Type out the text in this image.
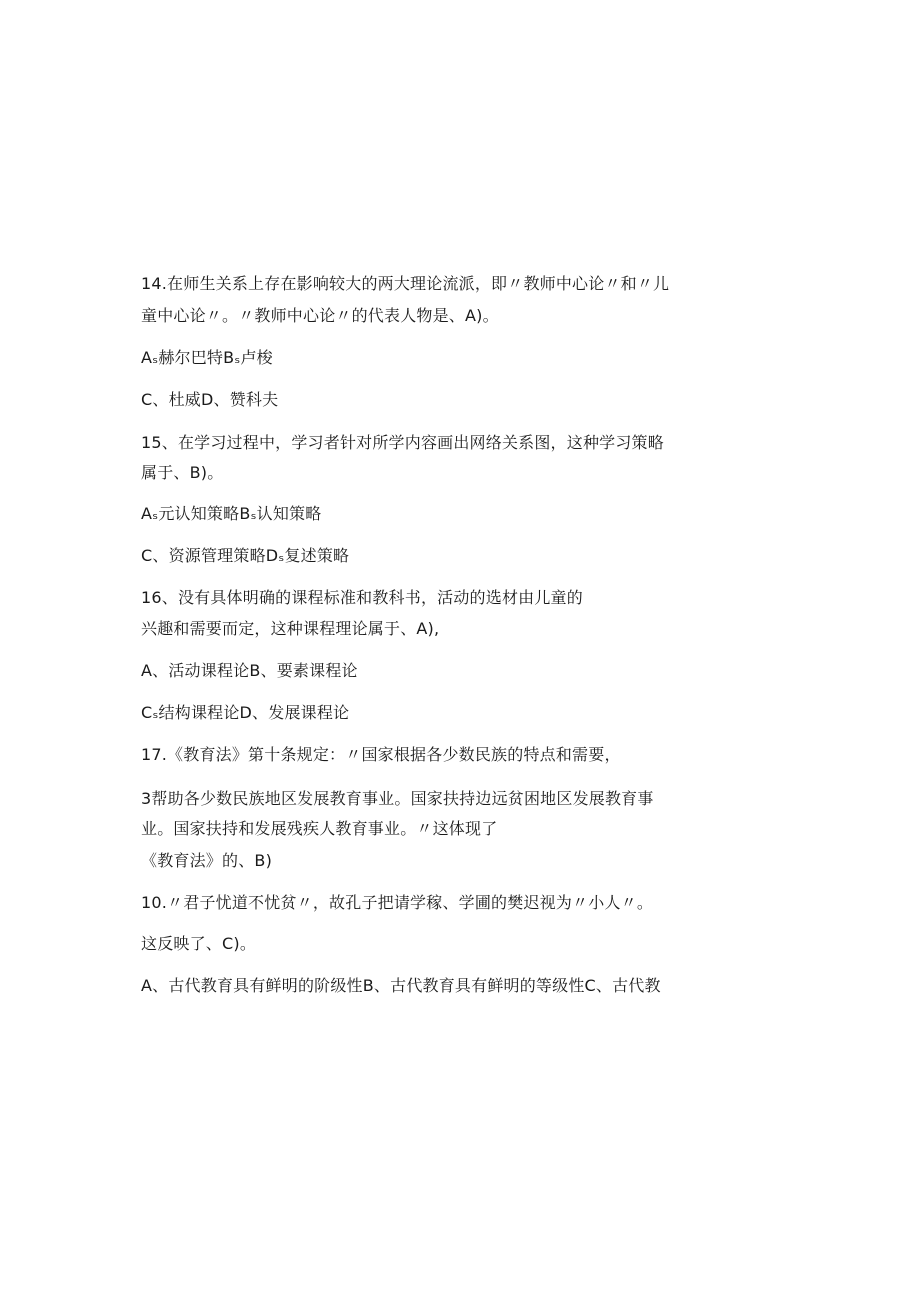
14.在师生关系上存在影响较大的两大理论流派，即〃教师中心论〃和〃儿
童中心论〃。〃教师中心论〃的代表人物是、A)。
Aₛ赫尔巴特Bₛ卢梭
C、杜威D、赞科夫
15、在学习过程中，学习者针对所学内容画出网络关系图，这种学习策略
属于、B)。
Aₛ元认知策略Bₛ认知策略
C、资源管理策略Dₛ复述策略
16、没有具体明确的课程标准和教科书，活动的选材由儿童的
兴趣和需要而定，这种课程理论属于、A),
A、活动课程论B、要素课程论
Cₛ结构课程论D、发展课程论
17.《教育法》第十条规定：〃国家根据各少数民族的特点和需要，
3帮助各少数民族地区发展教育事业。国家扶持边远贫困地区发展教育事
业。国家扶持和发展残疾人教育事业。〃这体现了
《教育法》的、B)
10.〃君子忧道不忧贫〃，故孔子把请学稼、学圃的樊迟视为〃小人〃。
这反映了、C)。
A、古代教育具有鲜明的阶级性B、古代教育具有鲜明的等级性C、古代教
